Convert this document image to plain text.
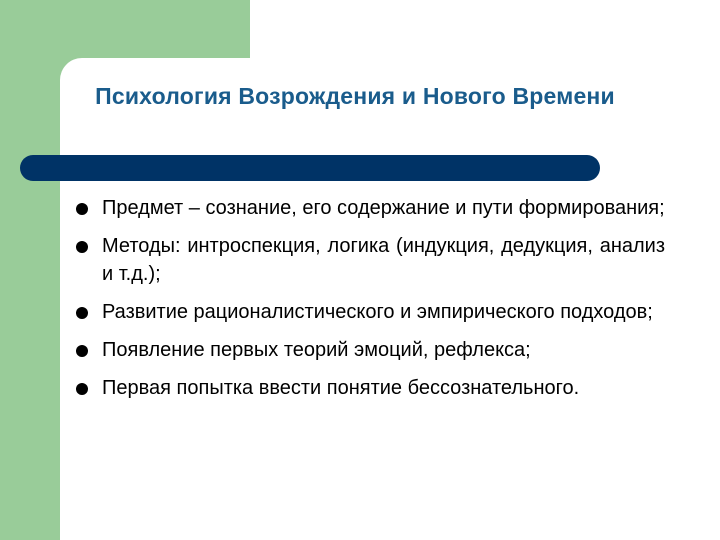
Психология Возрождения и Нового Времени
Предмет – сознание, его содержание и пути формирования;
Методы: интроспекция, логика (индукция, дедукция, анализ и т.д.);
Развитие рационалистического и эмпирического подходов;
Появление первых теорий эмоций, рефлекса;
Первая попытка ввести понятие бессознательного.
